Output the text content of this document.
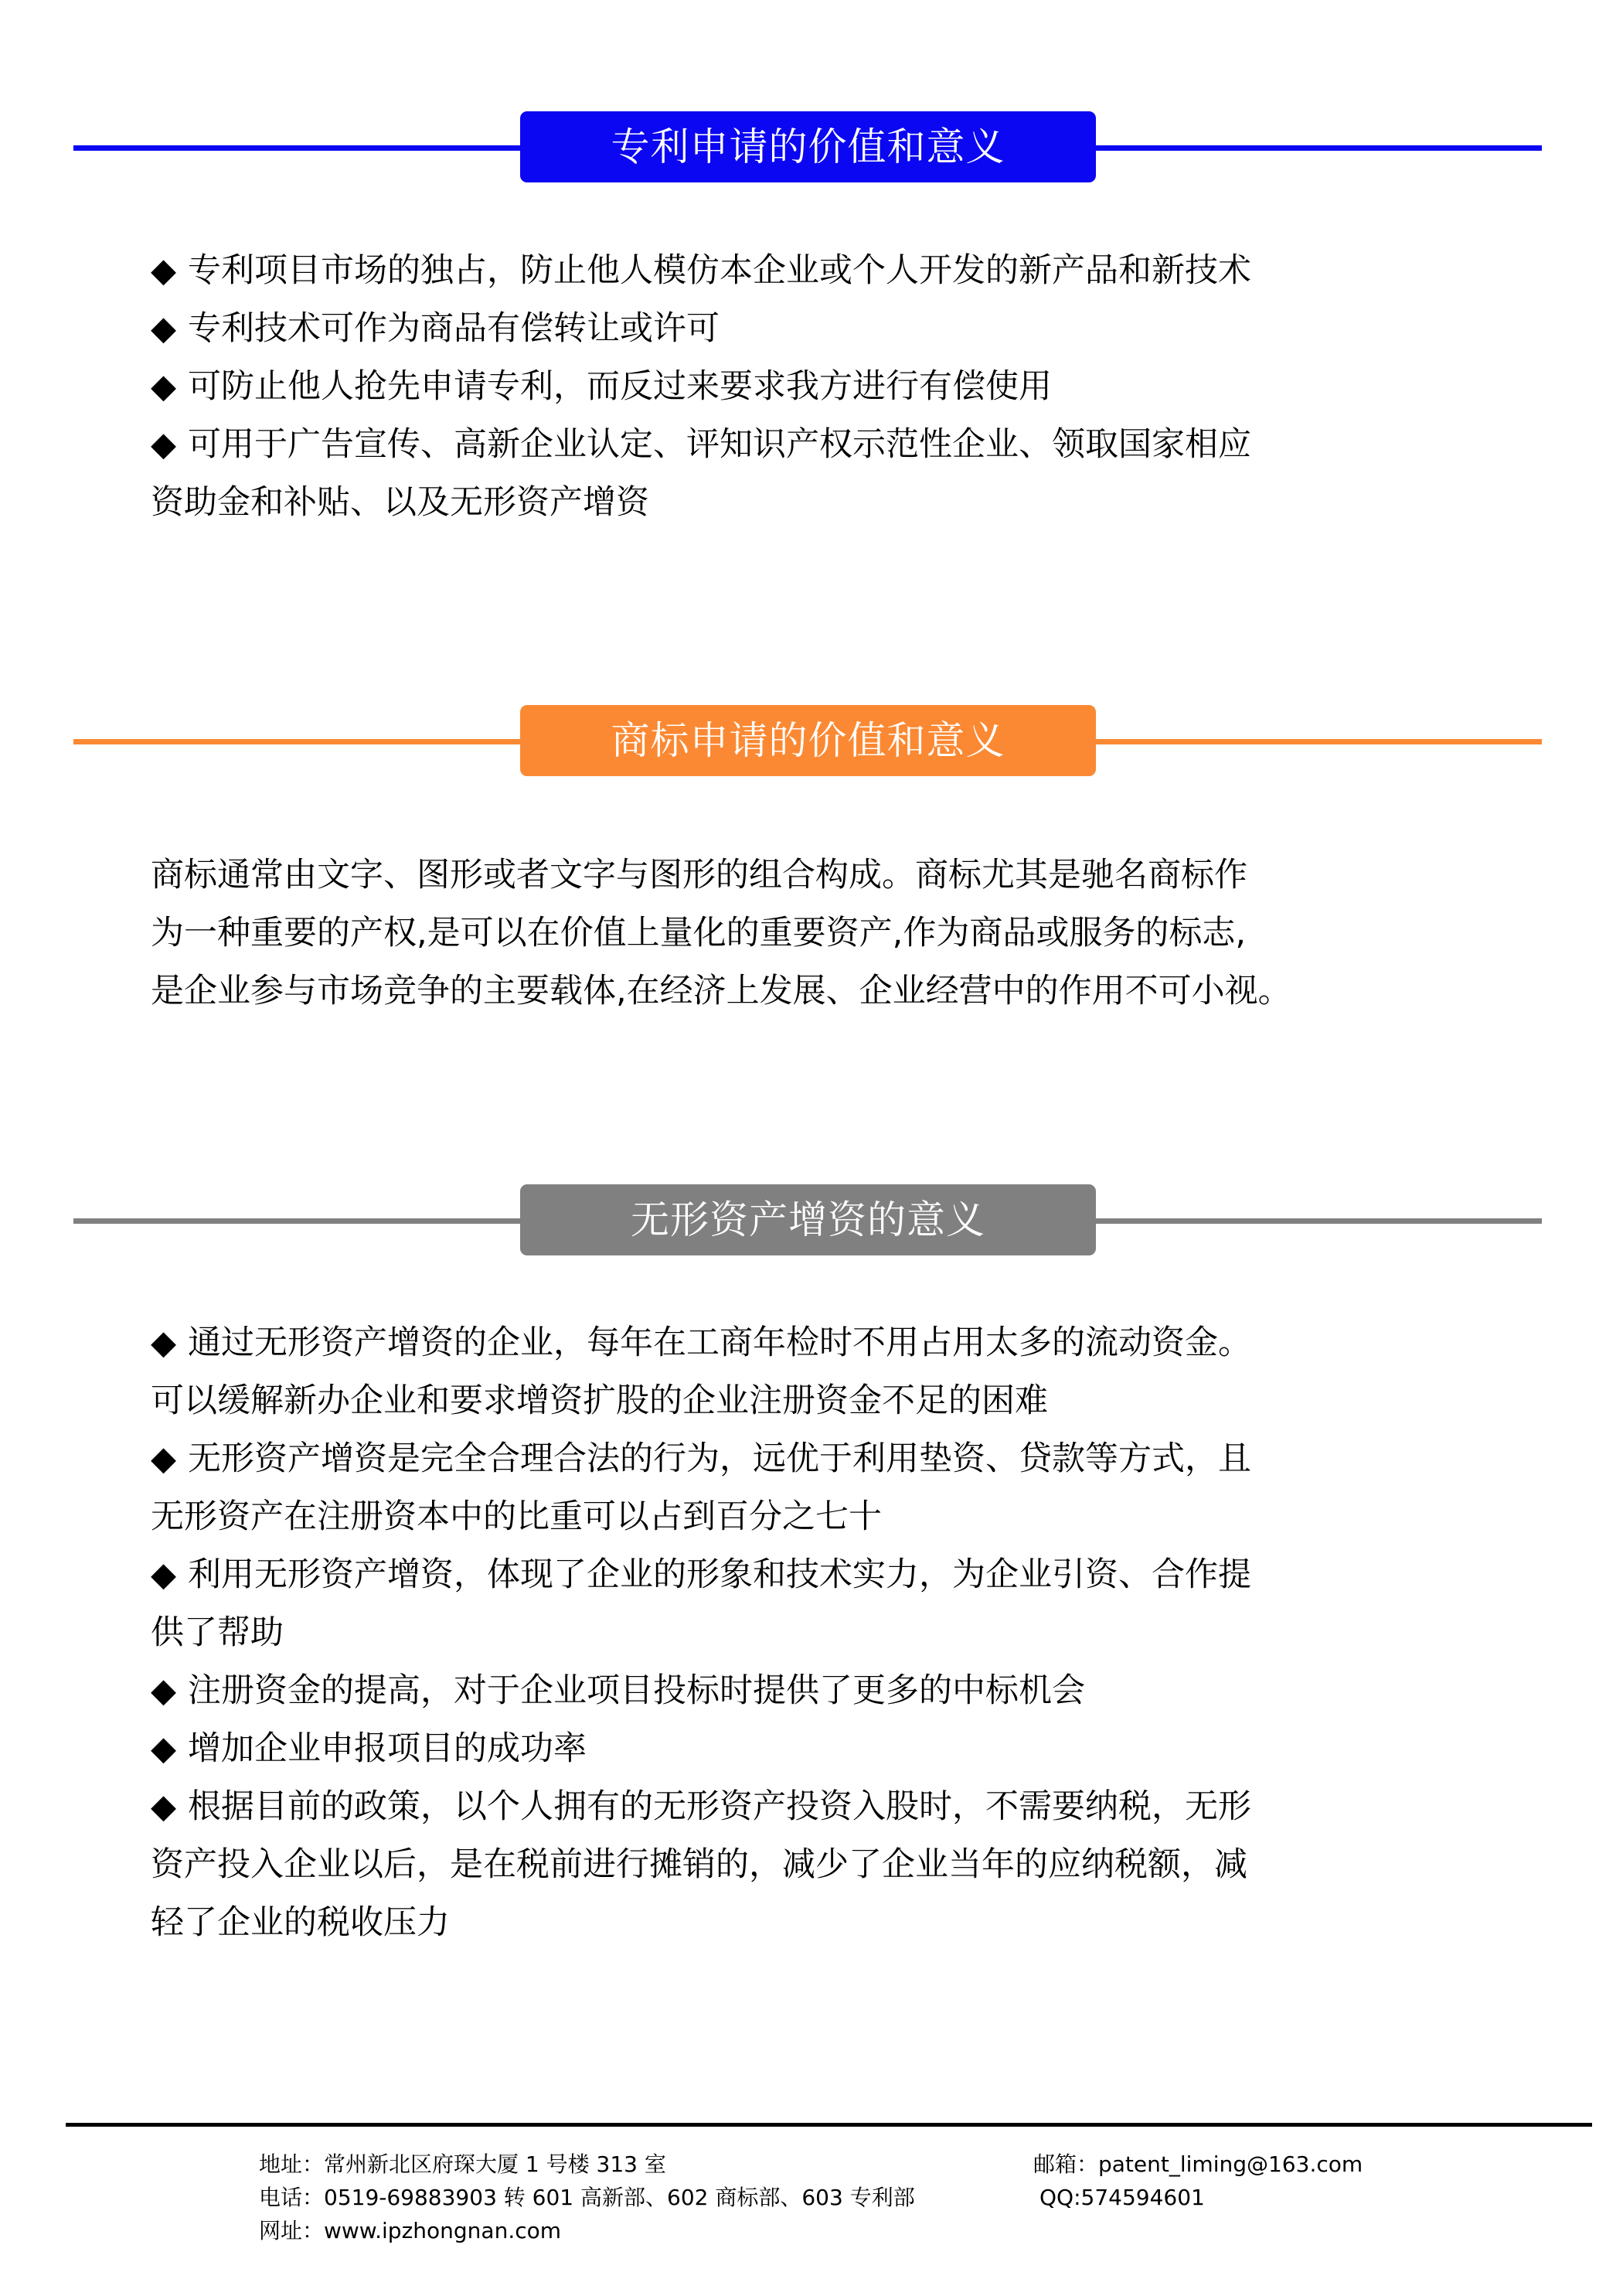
专利申请的价值和意义

◆ 专利项目市场的独占，防止他人模仿本企业或个人开发的新产品和新技术

◆ 专利技术可作为商品有偿转让或许可

◆ 可防止他人抢先申请专利，而反过来要求我方进行有偿使用

◆ 可用于广告宣传、高新企业认定、评知识产权示范性企业、领取国家相应

资助金和补贴、以及无形资产增资

商标申请的价值和意义

商标通常由文字、图形或者文字与图形的组合构成。商标尤其是驰名商标作

为一种重要的产权,是可以在价值上量化的重要资产,作为商品或服务的标志,

是企业参与市场竞争的主要载体,在经济上发展、企业经营中的作用不可小视。

无形资产增资的意义

◆ 通过无形资产增资的企业，每年在工商年检时不用占用太多的流动资金。

可以缓解新办企业和要求增资扩股的企业注册资金不足的困难

◆ 无形资产增资是完全合理合法的行为，远优于利用垫资、贷款等方式，且

无形资产在注册资本中的比重可以占到百分之七十

◆ 利用无形资产增资，体现了企业的形象和技术实力，为企业引资、合作提

供了帮助

◆ 注册资金的提高，对于企业项目投标时提供了更多的中标机会

◆ 增加企业申报项目的成功率

◆ 根据目前的政策，以个人拥有的无形资产投资入股时，不需要纳税，无形

资产投入企业以后，是在税前进行摊销的，减少了企业当年的应纳税额，减

轻了企业的税收压力

地址：常州新北区府琛大厦 1 号楼 313 室	邮箱：patent_liming@163.com
电话：0519-69883903 转 601 高新部、602 商标部、603 专利部	QQ:574594601
网址：www.ipzhongnan.com
